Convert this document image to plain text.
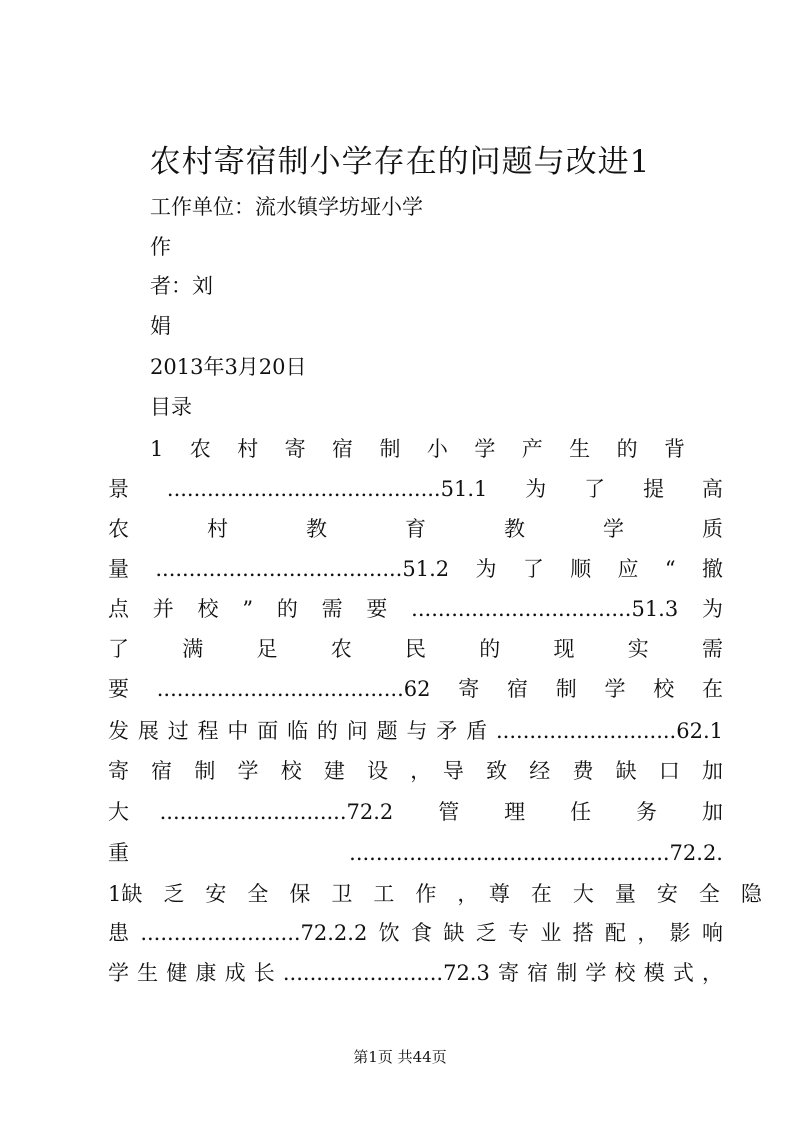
农村寄宿制小学存在的问题与改进1
工作单位：流水镇学坊垭小学
作
者：刘
娟
2013年3月20日
目录
1　农　村　寄　宿　制　小　学　产　生　的　背
景.........................................51.1为了提高
农　　　村　　　教　　　育　　　教　　　学　　　质
量.....................................51.2为了顺应“撤
点并校”的需要.................................51.3为
了　　满　　足　　农　　民　　的　　现　　实　　需
要.....................................62寄宿制学校在
发展过程中面临的问题与矛盾...........................62.1
寄　宿　制　学　校　建　设　，　导　致　经　费　缺　口　加
大 ............................72.2　管　理　任　务　加
重................................................72.2.
1缺　乏　安　全　保　卫　工　作　，　尊　在　大　量　安　全　隐
患........................72.2.2饮食缺乏专业搭配，影响
学生健康成长........................72.3寄宿制学校模式，
第1页 共44页
